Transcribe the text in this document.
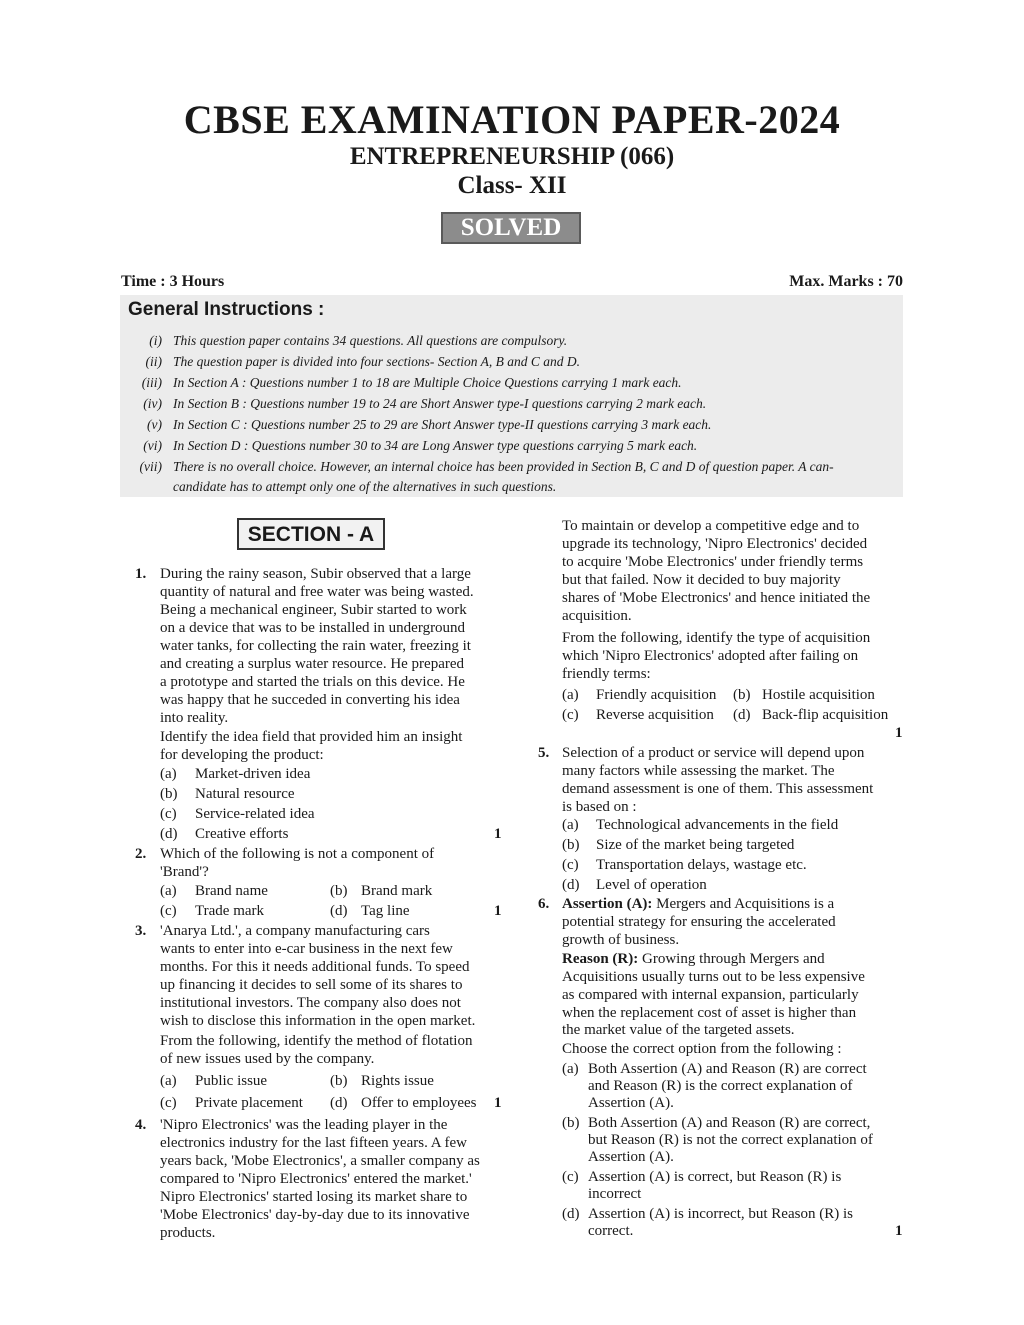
CBSE EXAMINATION PAPER-2024
ENTREPRENEURSHIP (066)
Class- XII
SOLVED
Time : 3 Hours	Max. Marks : 70
General Instructions :
(i) This question paper contains 34 questions. All questions are compulsory.
(ii) The question paper is divided into four sections- Section A, B and C and D.
(iii) In Section A : Questions number 1 to 18 are Multiple Choice Questions carrying 1 mark each.
(iv) In Section B : Questions number 19 to 24 are Short Answer type-I questions carrying 2 mark each.
(v) In Section C : Questions number 25 to 29 are Short Answer type-II questions carrying 3 mark each.
(vi) In Section D : Questions number 30 to 34 are Long Answer type questions carrying 5 mark each.
(vii) There is no overall choice. However, an internal choice has been provided in Section B, C and D of question paper. A can-
candidate has to attempt only one of the alternatives in such questions.
SECTION - A
1. During the rainy season, Subir observed that a large
quantity of natural and free water was being wasted.
Being a mechanical engineer, Subir started to work
on a device that was to be installed in underground
water tanks, for collecting the rain water, freezing it
and creating a surplus water resource. He prepared
a prototype and started the trials on this device. He
was happy that he succeded in converting his idea
into reality.
Identify the idea field that provided him an insight
for developing the product:
(a) Market-driven idea
(b) Natural resource
(c) Service-related idea
(d) Creative efforts	1
2. Which of the following is not a component of
'Brand'?
(a) Brand name	(b) Brand mark
(c) Trade mark	(d) Tag line	1
3. 'Anarya Ltd.', a company manufacturing cars
wants to enter into e-car business in the next few
months. For this it needs additional funds. To speed
up financing it decides to sell some of its shares to
institutional investors. The company also does not
wish to disclose this information in the open market.
From the following, identify the method of flotation
of new issues used by the company.
(a) Public issue	(b) Rights issue
(c) Private placement (d) Offer to employees 1
4. 'Nipro Electronics' was the leading player in the
electronics industry for the last fifteen years. A few
years back, 'Mobe Electronics', a smaller company as
compared to 'Nipro Electronics' entered the market.'
Nipro Electronics' started losing its market share to
'Mobe Electronics' day-by-day due to its innovative
products.
To maintain or develop a competitive edge and to
upgrade its technology, 'Nipro Electronics' decided
to acquire 'Mobe Electronics' under friendly terms
but that failed. Now it decided to buy majority
shares of 'Mobe Electronics' and hence initiated the
acquisition.
From the following, identify the type of acquisition
which 'Nipro Electronics' adopted after failing on
friendly terms:
(a) Friendly acquisition (b) Hostile acquisition
(c) Reverse acquisition (d) Back-flip acquisition
1
5. Selection of a product or service will depend upon
many factors while assessing the market. The
demand assessment is one of them. This assessment
is based on :
(a) Technological advancements in the field
(b) Size of the market being targeted
(c) Transportation delays, wastage etc.
(d) Level of operation
6. Assertion (A): Mergers and Acquisitions is a
potential strategy for ensuring the accelerated
growth of business.
Reason (R): Growing through Mergers and
Acquisitions usually turns out to be less expensive
as compared with internal expansion, particularly
when the replacement cost of asset is higher than
the market value of the targeted assets.
Choose the correct option from the following :
(a) Both Assertion (A) and Reason (R) are correct
and Reason (R) is the correct explanation of
Assertion (A).
(b) Both Assertion (A) and Reason (R) are correct,
but Reason (R) is not the correct explanation of
Assertion (A).
(c) Assertion (A) is correct, but Reason (R) is
incorrect
(d) Assertion (A) is incorrect, but Reason (R) is
correct.	1
